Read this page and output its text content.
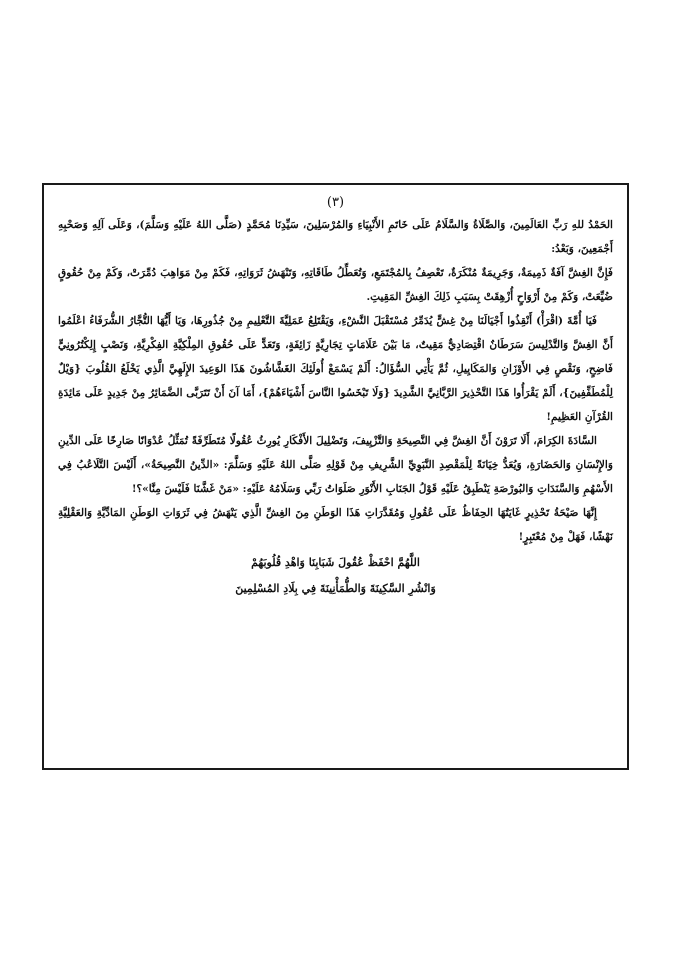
(٣)

الحَمْدُ للهِ رَبِّ العَالَمِينَ، وَالصَّلَاةُ وَالسَّلَامُ عَلَى خَاتَمِ الأَنْبِيَاءِ وَالمُرْسَلِينَ، سَيِّدِنَا مُحَمَّدٍ (صَلَّى اللهُ عَلَيْهِ وَسَلَّمَ)، وَعَلَى آلِهِ وَصَحْبِهِ أَجْمَعِينَ، وَبَعْدُ:

فَإِنَّ الغِشَّ آفَةٌ ذَمِيمَةٌ، وَجَرِيمَةٌ مُنْكَرَةٌ، تَعْصِفُ بِالمُجْتَمَعِ، وَتُعَطِّلُ طَاقَاتِهِ، وَتَنْهَشُ ثَرَوَاتِهِ، فَكَمْ مِنْ مَوَاهِبَ دُمِّرَتْ، وَكَمْ مِنْ حُقُوقٍ ضُيِّعَتْ، وَكَمْ مِنْ أَرْوَاحٍ أُزْهِقَتْ بِسَبَبِ ذَلِكَ الغِشِّ المَقِيتِ.

فَيَا أُمَّةَ (اقْرَأْ) أَنْقِذُوا أَجْيَالَنَا مِنْ غِشٍّ يُدَمِّرُ مُسْتَقْبَلَ النَّشْءِ، وَيَقْتَلِعُ عَمَلِيَّةَ التَّعْلِيمِ مِنْ جُذُورِهَا، وَيَا أَيُّهَا التُّجَّارُ الشُّرَفَاءُ اعْلَمُوا أَنَّ الغِشَّ وَالتَّدْلِيسَ سَرَطَانٌ اقْتِصَادِيٌّ مَقِيتٌ، مَا بَيْنَ عَلَامَاتٍ تِجَارِيَّةٍ زَائِفَةٍ، وَتَعَدٍّ عَلَى حُقُوقِ المِلْكِيَّةِ الفِكْرِيَّةِ، وَنَصْبٍ إِلِكْتُرُونِيٍّ فَاضِحٍ، وَنَقْصٍ فِي الأَوْزَانِ وَالمَكَايِيلِ، ثُمَّ يَأْتِي السُّؤَالُ: أَلَمْ يَسْمَعْ أُولَئِكَ الغَشَّاشُونَ هَذَا الوَعِيدَ الإِلَهِيَّ الَّذِي يَخْلَعُ القُلُوبَ {وَيْلٌ لِلْمُطَفِّفِينَ}، أَلَمْ يَقْرَأُوا هَذَا التَّحْذِيرَ الرَّبَّانِيَّ الشَّدِيدَ {وَلَا تَبْخَسُوا النَّاسَ أَشْيَاءَهُمْ}، أَمَا آنَ أَنْ تَتَرَبَّى الضَّمَائِرُ مِنْ جَدِيدٍ عَلَى مَائِدَةِ القُرْآنِ العَظِيمِ!

السَّادَةَ الكِرَامَ، أَلَا تَرَوْنَ أَنَّ الغِشَّ فِي النَّصِيحَةِ وَالتَّزْيِيفَ، وَتَضْلِيلَ الأَفْكَارِ يُورِثُ عُقُولًا مُتَطَرِّفَةً تُمَثِّلُ عُدْوَانًا صَارِخًا عَلَى الدِّينِ وَالإِنْسَانِ وَالحَضَارَةِ، وَيُعَدُّ خِيَانَةً لِلْمَقْصِدِ النَّبَوِيِّ الشَّرِيفِ مِنْ قَوْلِهِ صَلَّى اللهُ عَلَيْهِ وَسَلَّمَ: «الدِّينُ النَّصِيحَةُ»، أَلَيْسَ التَّلَاعُبُ فِي الأَسْهُمِ وَالسَّنَدَاتِ وَالبُورْصَةِ يَنْطَبِقُ عَلَيْهِ قَوْلُ الجَنَابِ الأَنْوَرِ صَلَوَاتُ رَبِّي وَسَلَامُهُ عَلَيْهِ: «مَنْ غَشَّنَا فَلَيْسَ مِنَّا»؟!

إِنَّهَا صَيْحَةُ تَحْذِيرٍ غَايَتُهَا الحِفَاظُ عَلَى عُقُولِ وَمُقَدَّرَاتِ هَذَا الوَطَنِ مِنَ الغِشِّ الَّذِي يَنْهَشُ فِي ثَرَوَاتِ الوَطَنِ المَادِّيَّةِ وَالعَقْلِيَّةِ نَهْشًا، فَهَلْ مِنْ مُعْتَبِرٍ!

اللَّهُمَّ احْفَظْ عُقُولَ شَبَابِنَا وَاهْدِ قُلُوبَهُمْ
وَانْشُرِ السَّكِينَةَ وَالطُّمَأْنِينَةَ فِي بِلَادِ المُسْلِمِينَ
